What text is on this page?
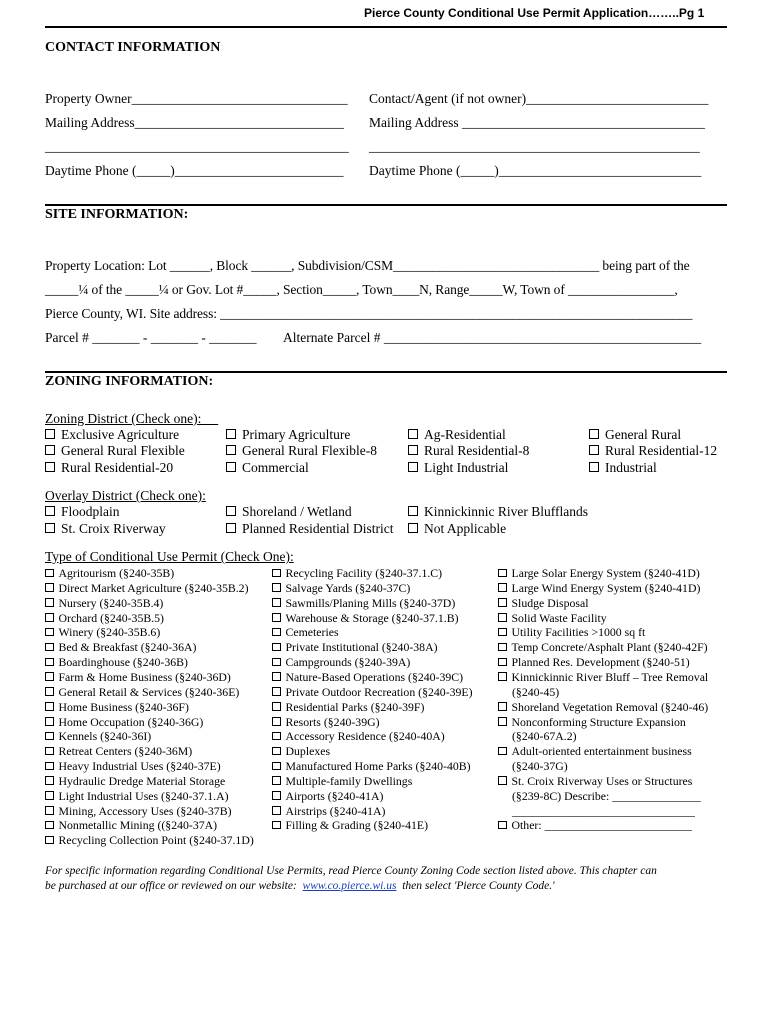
Pierce County Conditional Use Permit Application……..Pg 1
CONTACT INFORMATION
Property Owner________________________________
Mailing Address_______________________________
_____________________________________________
Daytime Phone (_____)_________________________
Contact/Agent (if not owner)___________________________
Mailing Address ____________________________________
_________________________________________________
Daytime Phone (_____)______________________________
SITE INFORMATION:
Property Location: Lot ______, Block ______, Subdivision/CSM_______________________________ being part of the
_____¼ of the _____¼ or Gov. Lot #_____, Section_____, Town____N, Range_____W, Town of ________________,
Pierce County, WI. Site address: _______________________________________________________________________
Parcel # _______ - _______ - _______ Alternate Parcel # _______________________________________________
ZONING INFORMATION:
Zoning District (Check one):
Exclusive Agriculture	Primary Agriculture	Ag-Residential	General Rural
General Rural Flexible	General Rural Flexible-8	Rural Residential-8	Rural Residential-12
Rural Residential-20	Commercial	Light Industrial	Industrial
Overlay District (Check one):
Floodplain	Shoreland / Wetland	Kinnickinnic River Blufflands
St. Croix Riverway	Planned Residential District	Not Applicable
Type of Conditional Use Permit (Check One):
Agritourism (§240-35B)
Direct Market Agriculture (§240-35B.2)
Nursery (§240-35B.4)
Orchard (§240-35B.5)
Winery (§240-35B.6)
Bed & Breakfast (§240-36A)
Boardinghouse (§240-36B)
Farm & Home Business (§240-36D)
General Retail & Services (§240-36E)
Home Business (§240-36F)
Home Occupation (§240-36G)
Kennels (§240-36I)
Retreat Centers (§240-36M)
Heavy Industrial Uses (§240-37E)
Hydraulic Dredge Material Storage
Light Industrial Uses (§240-37.1.A)
Mining, Accessory Uses (§240-37B)
Nonmetallic Mining ((§240-37A)
Recycling Collection Point (§240-37.1D)
Recycling Facility (§240-37.1.C)
Salvage Yards (§240-37C)
Sawmills/Planing Mills (§240-37D)
Warehouse & Storage (§240-37.1.B)
Cemeteries
Private Institutional (§240-38A)
Campgrounds (§240-39A)
Nature-Based Operations (§240-39C)
Private Outdoor Recreation (§240-39E)
Residential Parks (§240-39F)
Resorts (§240-39G)
Accessory Residence (§240-40A)
Duplexes
Manufactured Home Parks (§240-40B)
Multiple-family Dwellings
Airports (§240-41A)
Airstrips (§240-41A)
Filling & Grading (§240-41E)
Large Solar Energy System (§240-41D)
Large Wind Energy System (§240-41D)
Sludge Disposal
Solid Waste Facility
Utility Facilities >1000 sq ft
Temp Concrete/Asphalt Plant (§240-42F)
Planned Res. Development (§240-51)
Kinnickinnic River Bluff – Tree Removal
(§240-45)
Shoreland Vegetation Removal (§240-46)
Nonconforming Structure Expansion
(§240-67A.2)
Adult-oriented entertainment business
(§240-37G)
St. Croix Riverway Uses or Structures
(§239-8C) Describe: _______________
_______________________________
Other: _________________________
For specific information regarding Conditional Use Permits, read Pierce County Zoning Code section listed above. This chapter can
be purchased at our office or reviewed on our website:  www.co.pierce.wi.us  then select 'Pierce County Code.'
